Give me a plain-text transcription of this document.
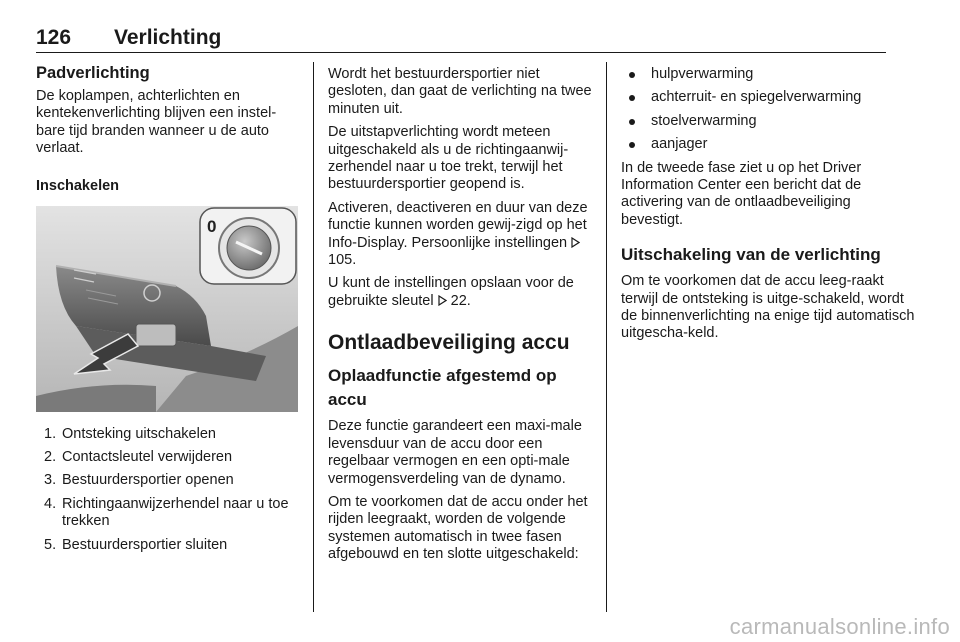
126 Verlichting
Padverlichting
De koplampen, achterlichten en kentekenverlichting blijven een instel-bare tijd branden wanneer u de auto verlaat.
Inschakelen
0
1. Ontsteking uitschakelen
2. Contactsleutel verwijderen
3. Bestuurdersportier openen
4. Richtingaanwijzerhendel naar u toe trekken
5. Bestuurdersportier sluiten
Wordt het bestuurdersportier niet gesloten, dan gaat de verlichting na twee minuten uit.
De uitstapverlichting wordt meteen uitgeschakeld als u de richtingaanwij-zerhendel naar u toe trekt, terwijl het bestuurdersportier geopend is.
Activeren, deactiveren en duur van deze functie kunnen worden gewij-zigd op het Info-Display. Persoonlijke instellingen  105.
U kunt de instellingen opslaan voor de gebruikte sleutel 22.
Ontlaadbeveiliging accu
Oplaadfunctie afgestemd op accu
Deze functie garandeert een maxi-male levensduur van de accu door een regelbaar vermogen en een opti-male vermogensverdeling van de dynamo.
Om te voorkomen dat de accu onder het rijden leegraakt, worden de volgende systemen automatisch in twee fasen afgebouwd en ten slotte uitgeschakeld:
hulpverwarming
achterruit- en spiegelverwarming
stoelverwarming
aanjager
In de tweede fase ziet u op het Driver Information Center een bericht dat de activering van de ontlaadbeveiliging bevestigt.
Uitschakeling van de verlichting
Om te voorkomen dat de accu leeg-raakt terwijl de ontsteking is uitge-schakeld, wordt de binnenverlichting na enige tijd automatisch uitgescha-keld.
carmanualsonline.info
